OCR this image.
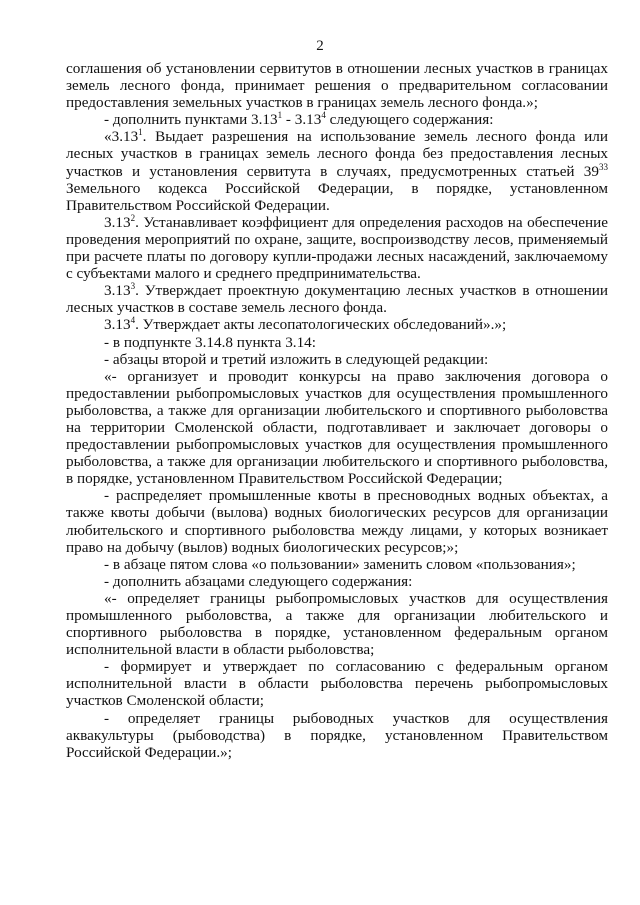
2

соглашения об установлении сервитутов в отношении лесных участков в границах земель лесного фонда, принимает решения о предварительном согласовании предоставления земельных участков в границах земель лесного фонда.»;

- дополнить пунктами 3.13$^1$ - 3.13$^4$ следующего содержания:

«3.13$^1$. Выдает разрешения на использование земель лесного фонда или лесных участков в границах земель лесного фонда без предоставления лесных участков и установления сервитута в случаях, предусмотренных статьей $39^{33}$ Земельного кодекса Российской Федерации, в порядке, установленном Правительством Российской Федерации.

3.13$^2$. Устанавливает коэффициент для определения расходов на обеспечение проведения мероприятий по охране, защите, воспроизводству лесов, применяемый при расчете платы по договору купли-продажи лесных насаждений, заключаемому с субъектами малого и среднего предпринимательства.

3.13$^3$. Утверждает проектную документацию лесных участков в отношении лесных участков в составе земель лесного фонда.

3.13$^4$. Утверждает акты лесопатологических обследований».»;

- в подпункте 3.14.8 пункта 3.14:

- абзацы второй и третий изложить в следующей редакции:

«- организует и проводит конкурсы на право заключения договора о предоставлении рыбопромысловых участков для осуществления промышленного рыболовства, а также для организации любительского и спортивного рыболовства на территории Смоленской области, подготавливает и заключает договоры о предоставлении рыбопромысловых участков для осуществления промышленного рыболовства, а также для организации любительского и спортивного рыболовства, в порядке, установленном Правительством Российской Федерации;

- распределяет промышленные квоты в пресноводных водных объектах, а также квоты добычи (вылова) водных биологических ресурсов для организации любительского и спортивного рыболовства между лицами, у которых возникает право на добычу (вылов) водных биологических ресурсов;»;

- в абзаце пятом слова «о пользовании» заменить словом «пользования»;

- дополнить абзацами следующего содержания:

«- определяет границы рыбопромысловых участков для осуществления промышленного рыболовства, а также для организации любительского и спортивного рыболовства в порядке, установленном федеральным органом исполнительной власти в области рыболовства;

- формирует и утверждает по согласованию с федеральным органом исполнительной власти в области рыболовства перечень рыбопромысловых участков Смоленской области;

- определяет границы рыбоводных участков для осуществления аквакультуры (рыбоводства) в порядке, установленном Правительством Российской Федерации.»;
